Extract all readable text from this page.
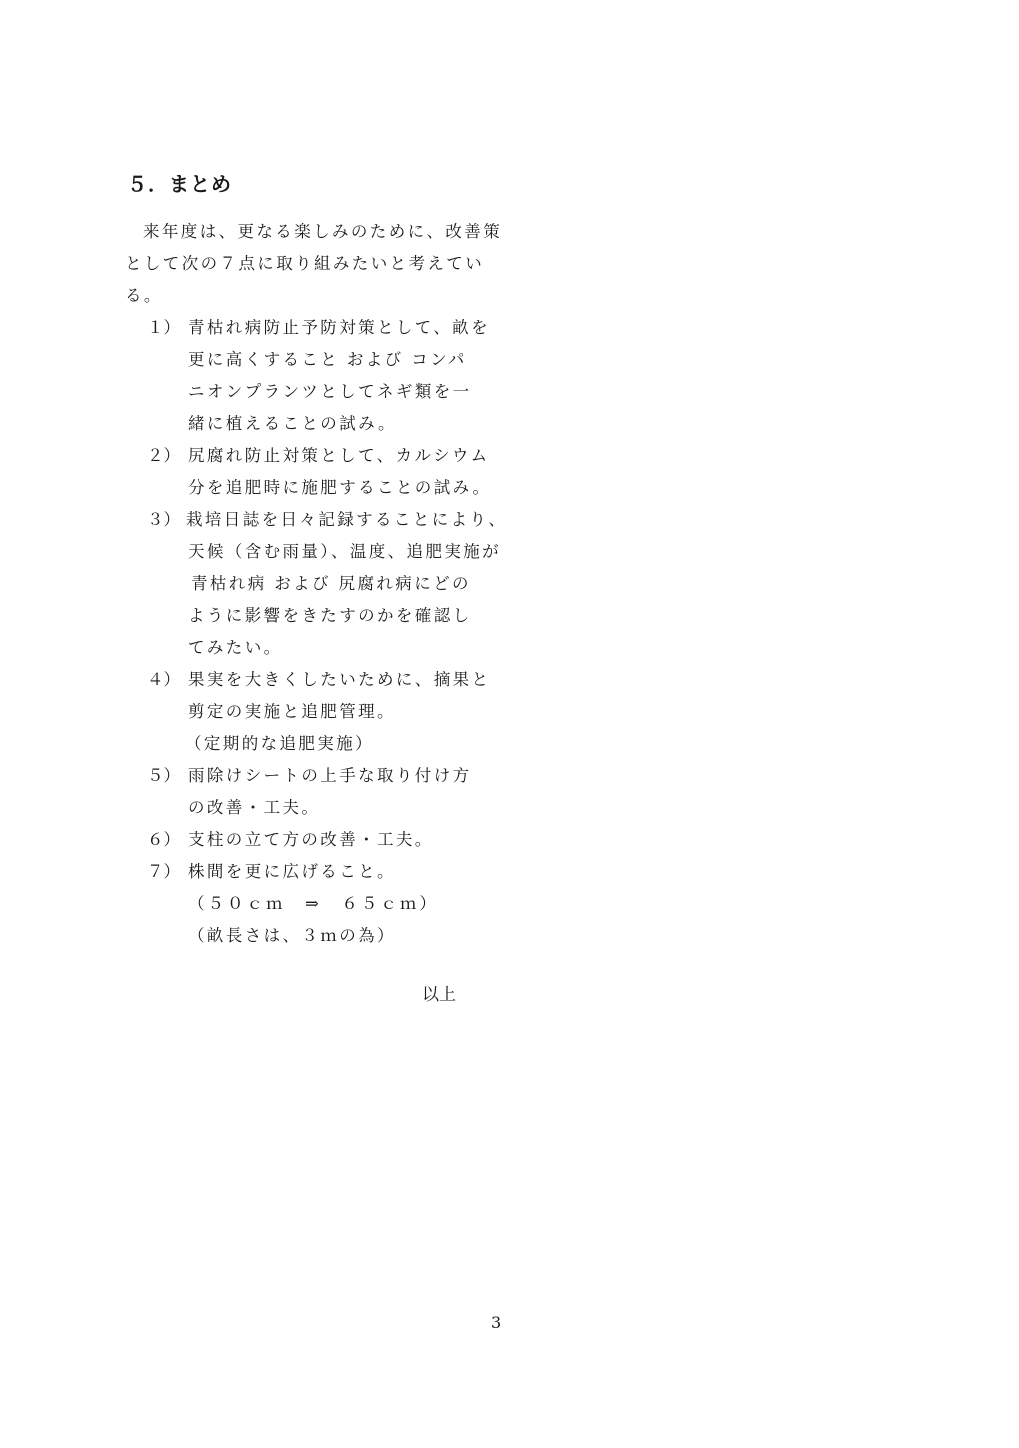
５．まとめ
来年度は、更なる楽しみのために、改善策
として次の７点に取り組みたいと考えてい
る。
１） 青枯れ病防止予防対策として、畝を
更に高くすること および コンパ
ニオンプランツとしてネギ類を一
緒に植えることの試み。
２） 尻腐れ防止対策として、カルシウム
分を追肥時に施肥することの試み。
３） 栽培日誌を日々記録することにより、
天候（含む雨量）、温度、追肥実施が
青枯れ病 および 尻腐れ病にどの
ように影響をきたすのかを確認し
てみたい。
４） 果実を大きくしたいために、摘果と
剪定の実施と追肥管理。
（定期的な追肥実施）
５） 雨除けシートの上手な取り付け方
の改善・工夫。
６） 支柱の立て方の改善・工夫。
７） 株間を更に広げること。
（５０ｃｍ　⇒　６５ｃｍ）
（畝長さは、３ｍの為）
以上
3
